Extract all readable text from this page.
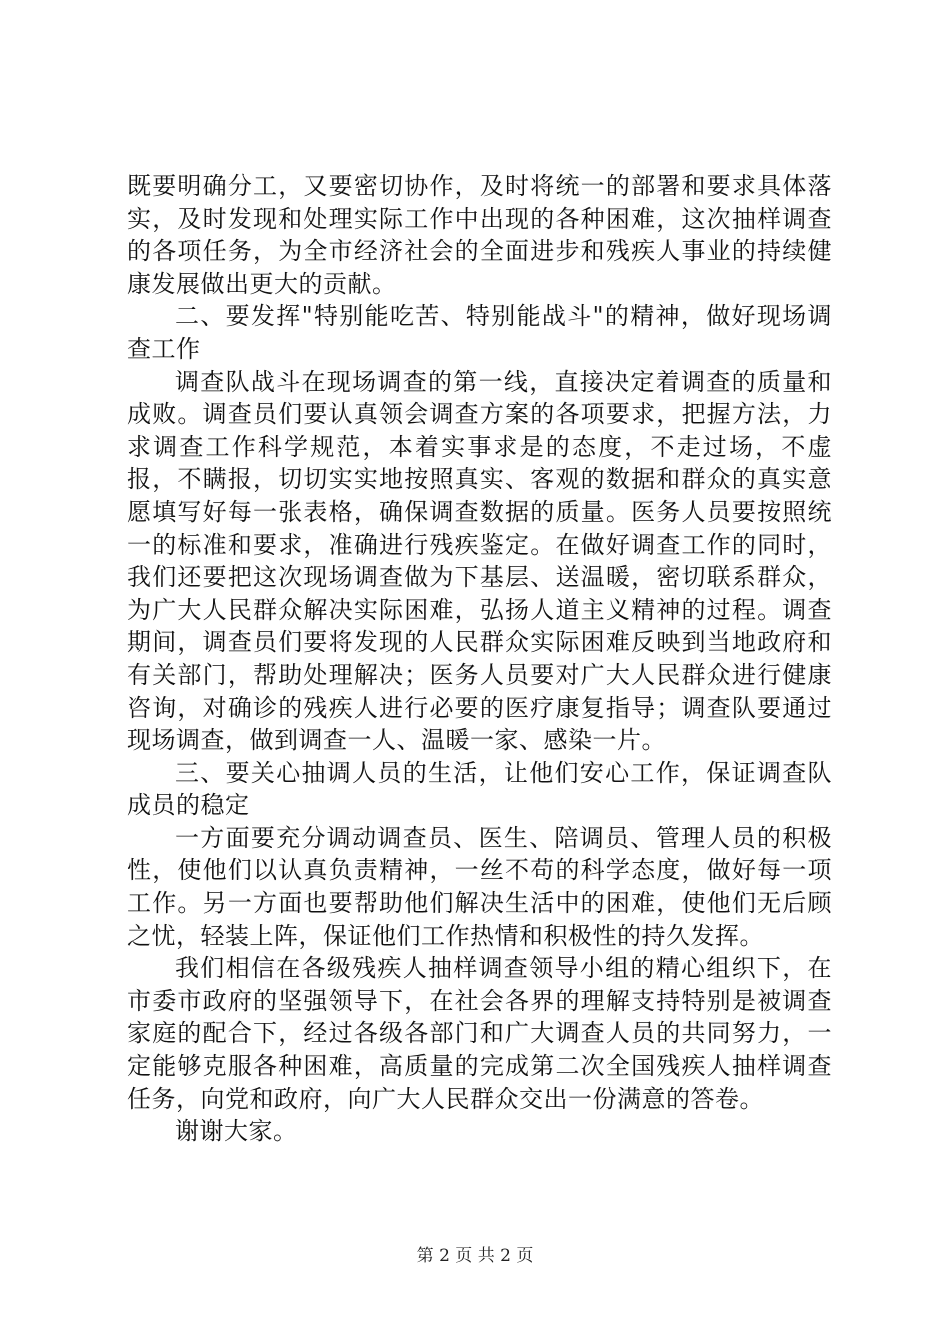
既要明确分工，又要密切协作，及时将统一的部署和要求具体落实，及时发现和处理实际工作中出现的各种困难，这次抽样调查的各项任务，为全市经济社会的全面进步和残疾人事业的持续健康发展做出更大的贡献。

二、要发挥"特别能吃苦、特别能战斗"的精神，做好现场调查工作

调查队战斗在现场调查的第一线，直接决定着调查的质量和成败。调查员们要认真领会调查方案的各项要求，把握方法，力求调查工作科学规范，本着实事求是的态度，不走过场，不虚报，不瞒报，切切实实地按照真实、客观的数据和群众的真实意愿填写好每一张表格，确保调查数据的质量。医务人员要按照统一的标准和要求，准确进行残疾鉴定。在做好调查工作的同时，我们还要把这次现场调查做为下基层、送温暖，密切联系群众，为广大人民群众解决实际困难，弘扬人道主义精神的过程。调查期间，调查员们要将发现的人民群众实际困难反映到当地政府和有关部门，帮助处理解决；医务人员要对广大人民群众进行健康咨询，对确诊的残疾人进行必要的医疗康复指导；调查队要通过现场调查，做到调查一人、温暖一家、感染一片。

三、要关心抽调人员的生活，让他们安心工作，保证调查队成员的稳定

一方面要充分调动调查员、医生、陪调员、管理人员的积极性，使他们以认真负责精神，一丝不苟的科学态度，做好每一项工作。另一方面也要帮助他们解决生活中的困难，使他们无后顾之忧，轻装上阵，保证他们工作热情和积极性的持久发挥。

我们相信在各级残疾人抽样调查领导小组的精心组织下，在市委市政府的坚强领导下，在社会各界的理解支持特别是被调查家庭的配合下，经过各级各部门和广大调查人员的共同努力，一定能够克服各种困难，高质量的完成第二次全国残疾人抽样调查任务，向党和政府，向广大人民群众交出一份满意的答卷。

谢谢大家。

第 2 页 共 2 页
